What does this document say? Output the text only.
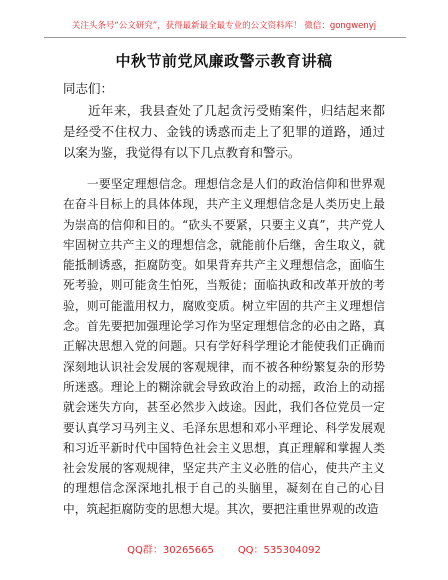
关注头条号“公文研究”，获得最新最全最专业的公文资料库！ 微信：gongwenyj
中秋节前党风廉政警示教育讲稿
同志们：

近年来，我县查处了几起贪污受贿案件，归结起来都是经受不住权力、金钱的诱惑而走上了犯罪的道路，通过以案为鉴，我觉得有以下几点教育和警示。

一要坚定理想信念。理想信念是人们的政治信仰和世界观在奋斗目标上的具体体现，共产主义理想信念是人类历史上最为崇高的信仰和目的。“砍头不要紧，只要主义真”，共产党人牢固树立共产主义的理想信念，就能前仆后继，舍生取义，就能抵制诱惑，拒腐防变。如果背弃共产主义理想信念，面临生死考验，则可能贪生怕死，当叛徒；面临执政和改革开放的考验，则可能滥用权力，腐败变质。树立牢固的共产主义理想信念。首先要把加强理论学习作为坚定理想信念的必由之路，真正解决思想入党的问题。只有学好科学理论才能使我们正确而深刻地认识社会发展的客观规律，而不被各种纷繁复杂的形势所迷惑。理论上的糊涂就会导致政治上的动摇，政治上的动摇就会迷失方向，甚至必然步入歧途。因此，我们各位党员一定要认真学习马列主义、毛泽东思想和邓小平理论、科学发展观和习近平新时代中国特色社会主义思想，真正理解和掌握人类社会发展的客观规律，坚定共产主义必胜的信心，使共产主义的理想信念深深地扎根于自己的头脑里，凝刻在自己的心目中，筑起拒腐防变的思想大堤。其次，要把注重世界观的改造

QQ群：30265665 QQ：535304092
